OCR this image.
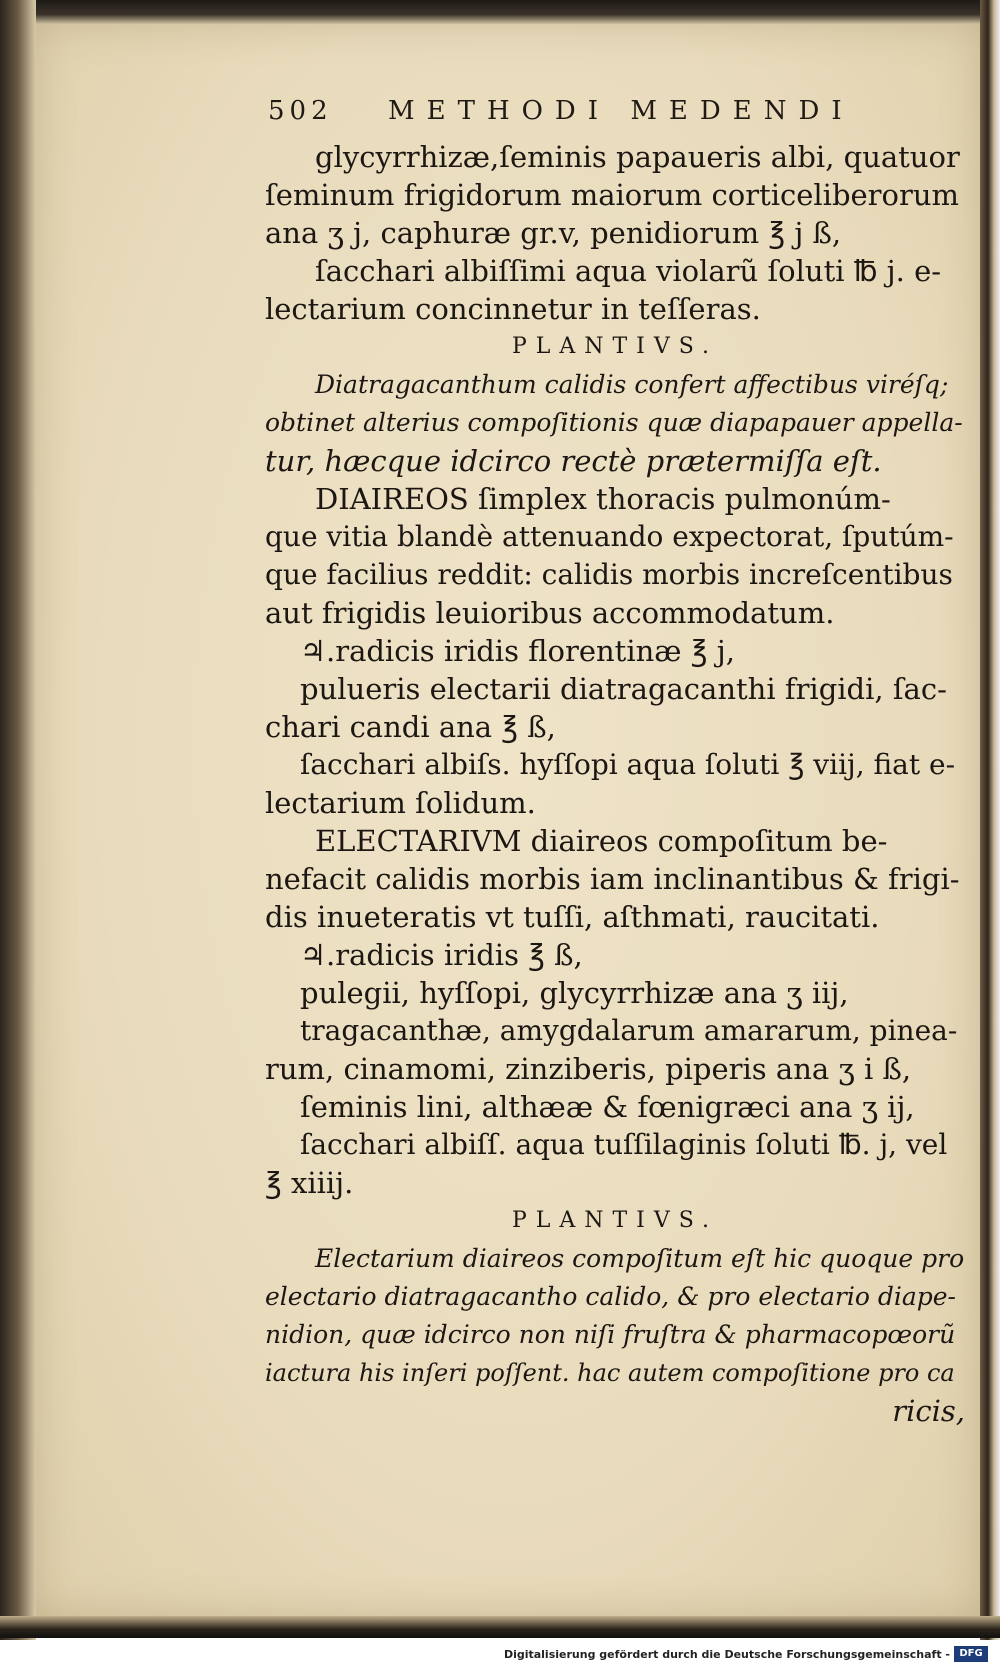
502 METHODI MEDENDI
glycyrrhizæ,ſeminis papaueris albi, quatuor
ſeminum frigidorum maiorum corticeliberorum
ana ʒ j, caphuræ gr.v, penidiorum ℥ j ß,
ſacchari albiſſimi aqua violarũ ſoluti ℔ j. e-
lectarium concinnetur in teſſeras.
PLANTIVS.
Diatragacanthum calidis confert affectibus viréſq;
obtinet alterius compoſitionis quæ diapapauer appella-
tur, hæcque idcirco rectè prætermiſſa eſt.
DIAIREOS ſimplex thoracis pulmonúm-
que vitia blandè attenuando expectorat, ſputúm-
que facilius reddit: calidis morbis increſcentibus
aut frigidis leuioribus accommodatum.
♃.radicis iridis florentinæ ℥ j,
pulueris electarii diatragacanthi frigidi, ſac-
chari candi ana ℥ ß,
ſacchari albiſs. hyſſopi aqua ſoluti ℥ viij, fiat e-
lectarium ſolidum.
ELECTARIVM diaireos compoſitum be-
nefacit calidis morbis iam inclinantibus & frigi-
dis inueteratis vt tuſſi, aſthmati, raucitati.
♃.radicis iridis ℥ ß,
pulegii, hyſſopi, glycyrrhizæ ana ʒ iij,
tragacanthæ, amygdalarum amararum, pinea-
rum, cinamomi, zinziberis, piperis ana ʒ i ß,
ſeminis lini, althææ & fœnigræci ana ʒ ij,
ſacchari albiſſ. aqua tuſſilaginis ſoluti ℔. j, vel
℥ xiiij.
PLANTIVS.
Electarium diaireos compoſitum eſt hic quoque pro
electario diatragacantho calido, & pro electario diape-
nidion, quæ idcirco non niſi fruſtra & pharmacopœorũ
iactura his inſeri poſſent. hac autem compoſitione pro ca
ricis,
Digitalisierung gefördert durch die Deutsche Forschungsgemeinschaft - DFG
